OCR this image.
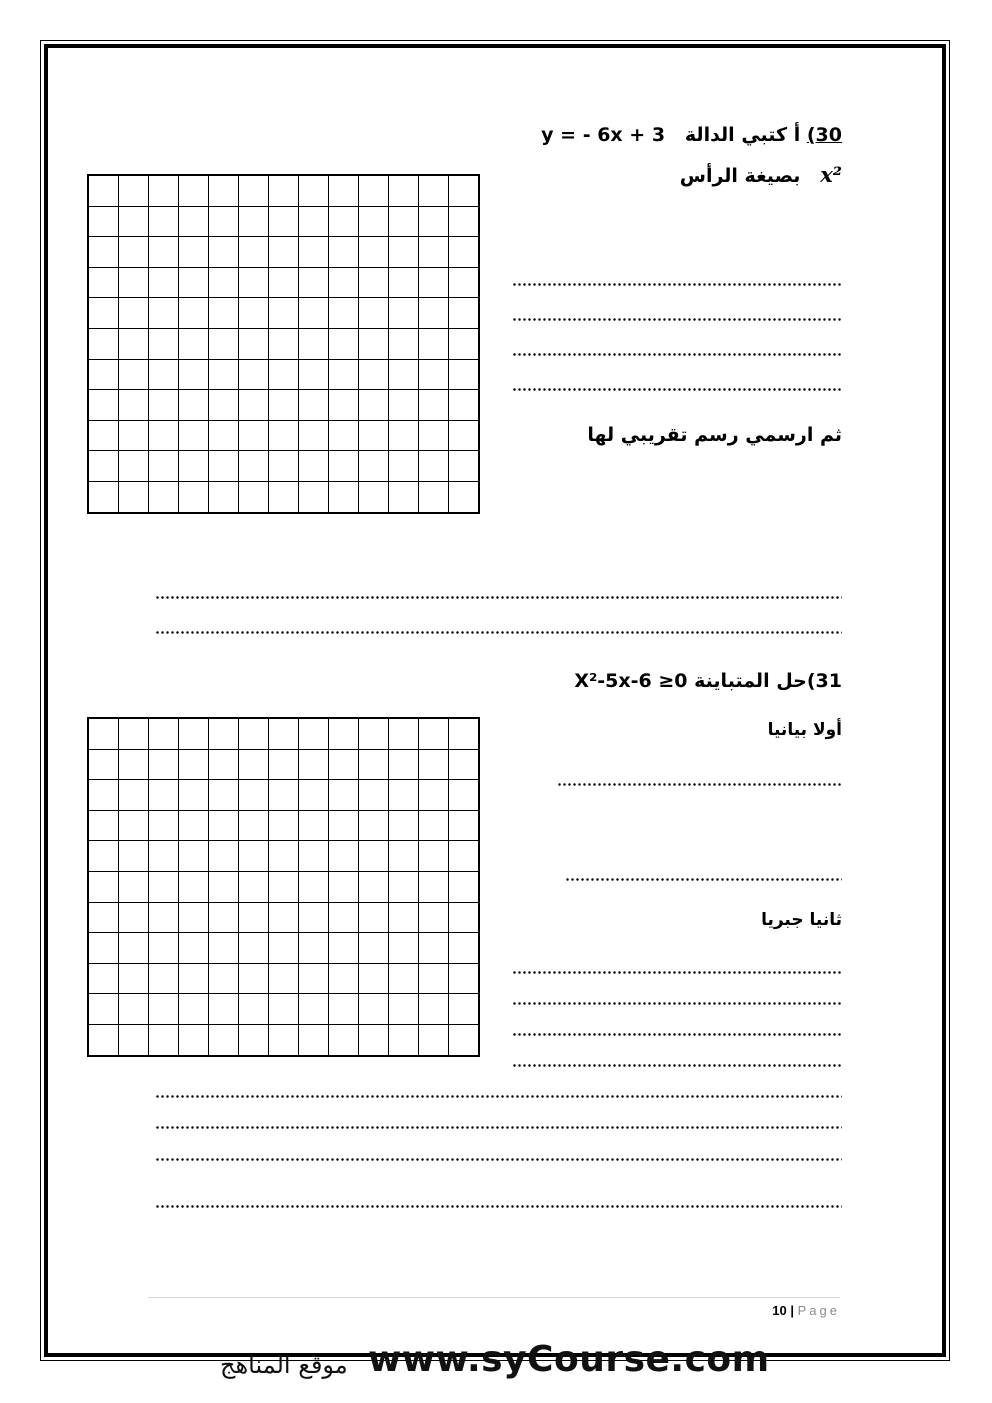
30) أ كتبي الدالة   y = - 6x + 3
x²   بصيغة الرأس

ثم ارسمي رسم تقريبي لها
31)حل المتباينة X²-5x-6 ≥0

أولا بيانيا
ثانيا جبريا
10 | Page
موقع المناهج www.syCourse.com
